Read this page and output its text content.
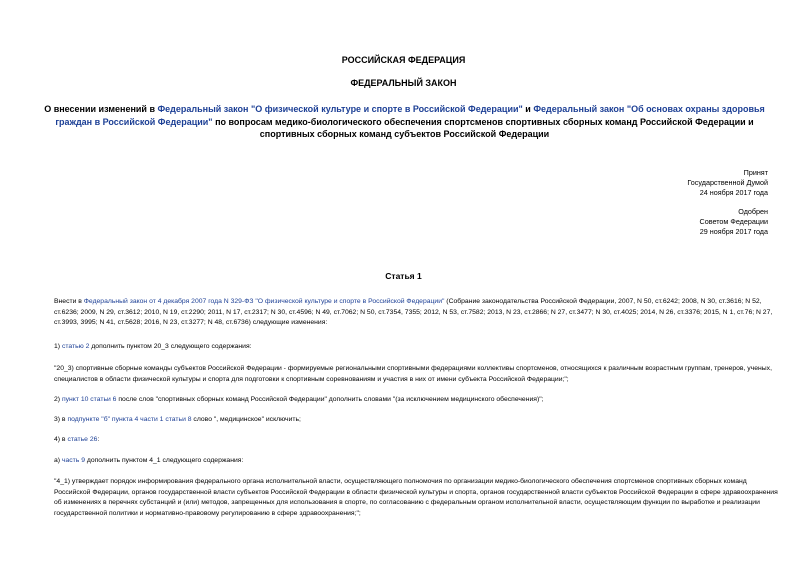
РОССИЙСКАЯ ФЕДЕРАЦИЯ
ФЕДЕРАЛЬНЫЙ ЗАКОН
О внесении изменений в Федеральный закон "О физической культуре и спорте в Российской Федерации" и Федеральный закон "Об основах охраны здоровья граждан в Российской Федерации" по вопросам медико-биологического обеспечения спортсменов спортивных сборных команд Российской Федерации и спортивных сборных команд субъектов Российской Федерации
Принят
Государственной Думой
24 ноября 2017 года
Одобрен
Советом Федерации
29 ноября 2017 года
Статья 1
Внести в Федеральный закон от 4 декабря 2007 года N 329-ФЗ "О физической культуре и спорте в Российской Федерации" (Собрание законодательства Российской Федерации, 2007, N 50, ст.6242; 2008, N 30, ст.3616; N 52, ст.6236; 2009, N 29, ст.3612; 2010, N 19, ст.2290; 2011, N 17, ст.2317; N 30, ст.4596; N 49, ст.7062; N 50, ст.7354, 7355; 2012, N 53, ст.7582; 2013, N 23, ст.2866; N 27, ст.3477; N 30, ст.4025; 2014, N 26, ст.3376; 2015, N 1, ст.76; N 27, ст.3993, 3995; N 41, ст.5628; 2016, N 23, ст.3277; N 48, ст.6736) следующие изменения:
1) статью 2 дополнить пунктом 20_3 следующего содержания:
"20_3) спортивные сборные команды субъектов Российской Федерации - формируемые региональными спортивными федерациями коллективы спортсменов, относящихся к различным возрастным группам, тренеров, ученых, специалистов в области физической культуры и спорта для подготовки к спортивным соревнованиям и участия в них от имени субъекта Российской Федерации;";
2) пункт 10 статьи 6 после слов "спортивных сборных команд Российской Федерации" дополнить словами "(за исключением медицинского обеспечения)";
3) в подпункте "б" пункта 4 части 1 статьи 8 слово ", медицинское" исключить;
4) в статье 26:
а) часть 9 дополнить пунктом 4_1 следующего содержания:
"4_1) утверждает порядок информирования федерального органа исполнительной власти, осуществляющего полномочия по организации медико-биологического обеспечения спортсменов спортивных сборных команд Российской Федерации, органов государственной власти субъектов Российской Федерации в области физической культуры и спорта, органов государственной власти субъектов Российской Федерации в сфере здравоохранения об изменениях в перечнях субстанций и (или) методов, запрещенных для использования в спорте, по согласованию с федеральным органом исполнительной власти, осуществляющим функции по выработке и реализации государственной политики и нормативно-правовому регулированию в сфере здравоохранения;";
